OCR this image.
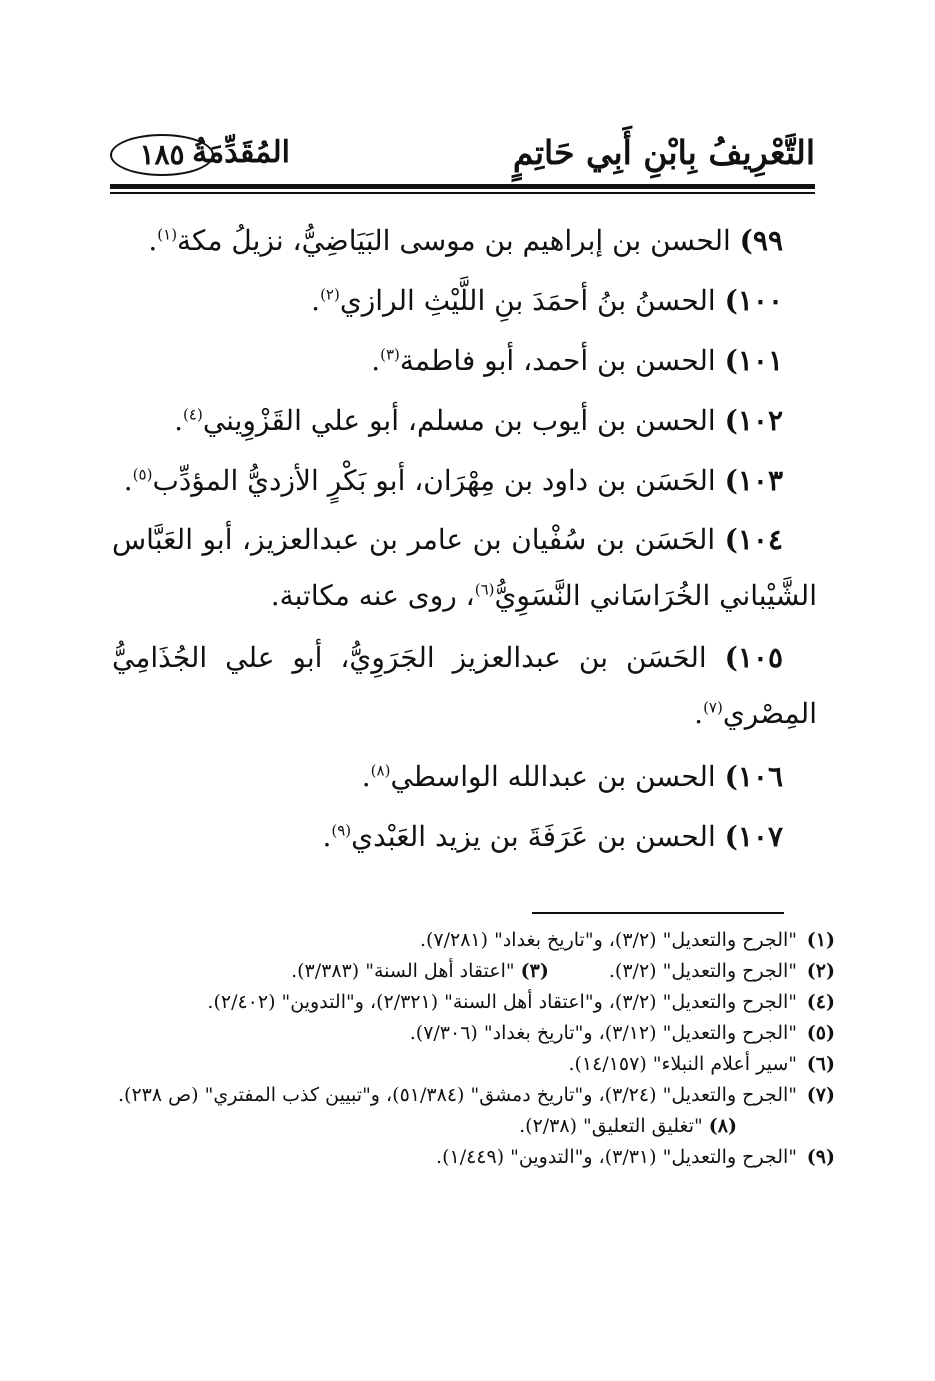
التَّعْرِيفُ بِابْنِ أَبِي حَاتِمٍ
المُقَدِّمَةُ
١٨٥

٩٩) الحسن بن إبراهيم بن موسى البَيَاضِيُّ، نزيلُ مكة$^{(١)}$.

١٠٠) الحسنُ بنُ أحمَدَ بنِ اللَّيْثِ الرازي$^{(٢)}$.

١٠١) الحسن بن أحمد، أبو فاطمة$^{(٣)}$.

١٠٢) الحسن بن أيوب بن مسلم، أبو علي القَزْوِيني$^{(٤)}$.

١٠٣) الحَسَن بن داود بن مِهْرَان، أبو بَكْرٍ الأزديُّ المؤدِّب$^{(٥)}$.

١٠٤) الحَسَن بن سُفْيان بن عامر بن عبدالعزيز، أبو العَبَّاس الشَّيْباني الخُرَاسَاني النَّسَوِيُّ$^{(٦)}$، روى عنه مكاتبة.

١٠٥) الحَسَن بن عبدالعزيز الجَرَوِيُّ، أبو علي الجُذَامِيُّ المِصْري$^{(٧)}$.

١٠٦) الحسن بن عبدالله الواسطي$^{(٨)}$.

١٠٧) الحسن بن عَرَفَةَ بن يزيد العَبْدي$^{(٩)}$.

(١)
"الجرح والتعديل" (٣/٢)، و"تاريخ بغداد" (٧/٢٨١).
(٢)
"الجرح والتعديل" (٣/٢).(٣) "اعتقاد أهل السنة" (٣/٣٨٣).
(٤)
"الجرح والتعديل" (٣/٢)، و"اعتقاد أهل السنة" (٢/٣٢١)، و"التدوين" (٢/٤٠٢).
(٥)
"الجرح والتعديل" (٣/١٢)، و"تاريخ بغداد" (٧/٣٠٦).
(٦)
"سير أعلام النبلاء" (١٤/١٥٧).
(٧)
"الجرح والتعديل" (٣/٢٤)، و"تاريخ دمشق" (٥١/٣٨٤)، و"تبيين كذب المفتري" (ص ٢٣٨).(٨) "تغليق التعليق" (٢/٣٨).
(٩)
"الجرح والتعديل" (٣/٣١)، و"التدوين" (١/٤٤٩).
